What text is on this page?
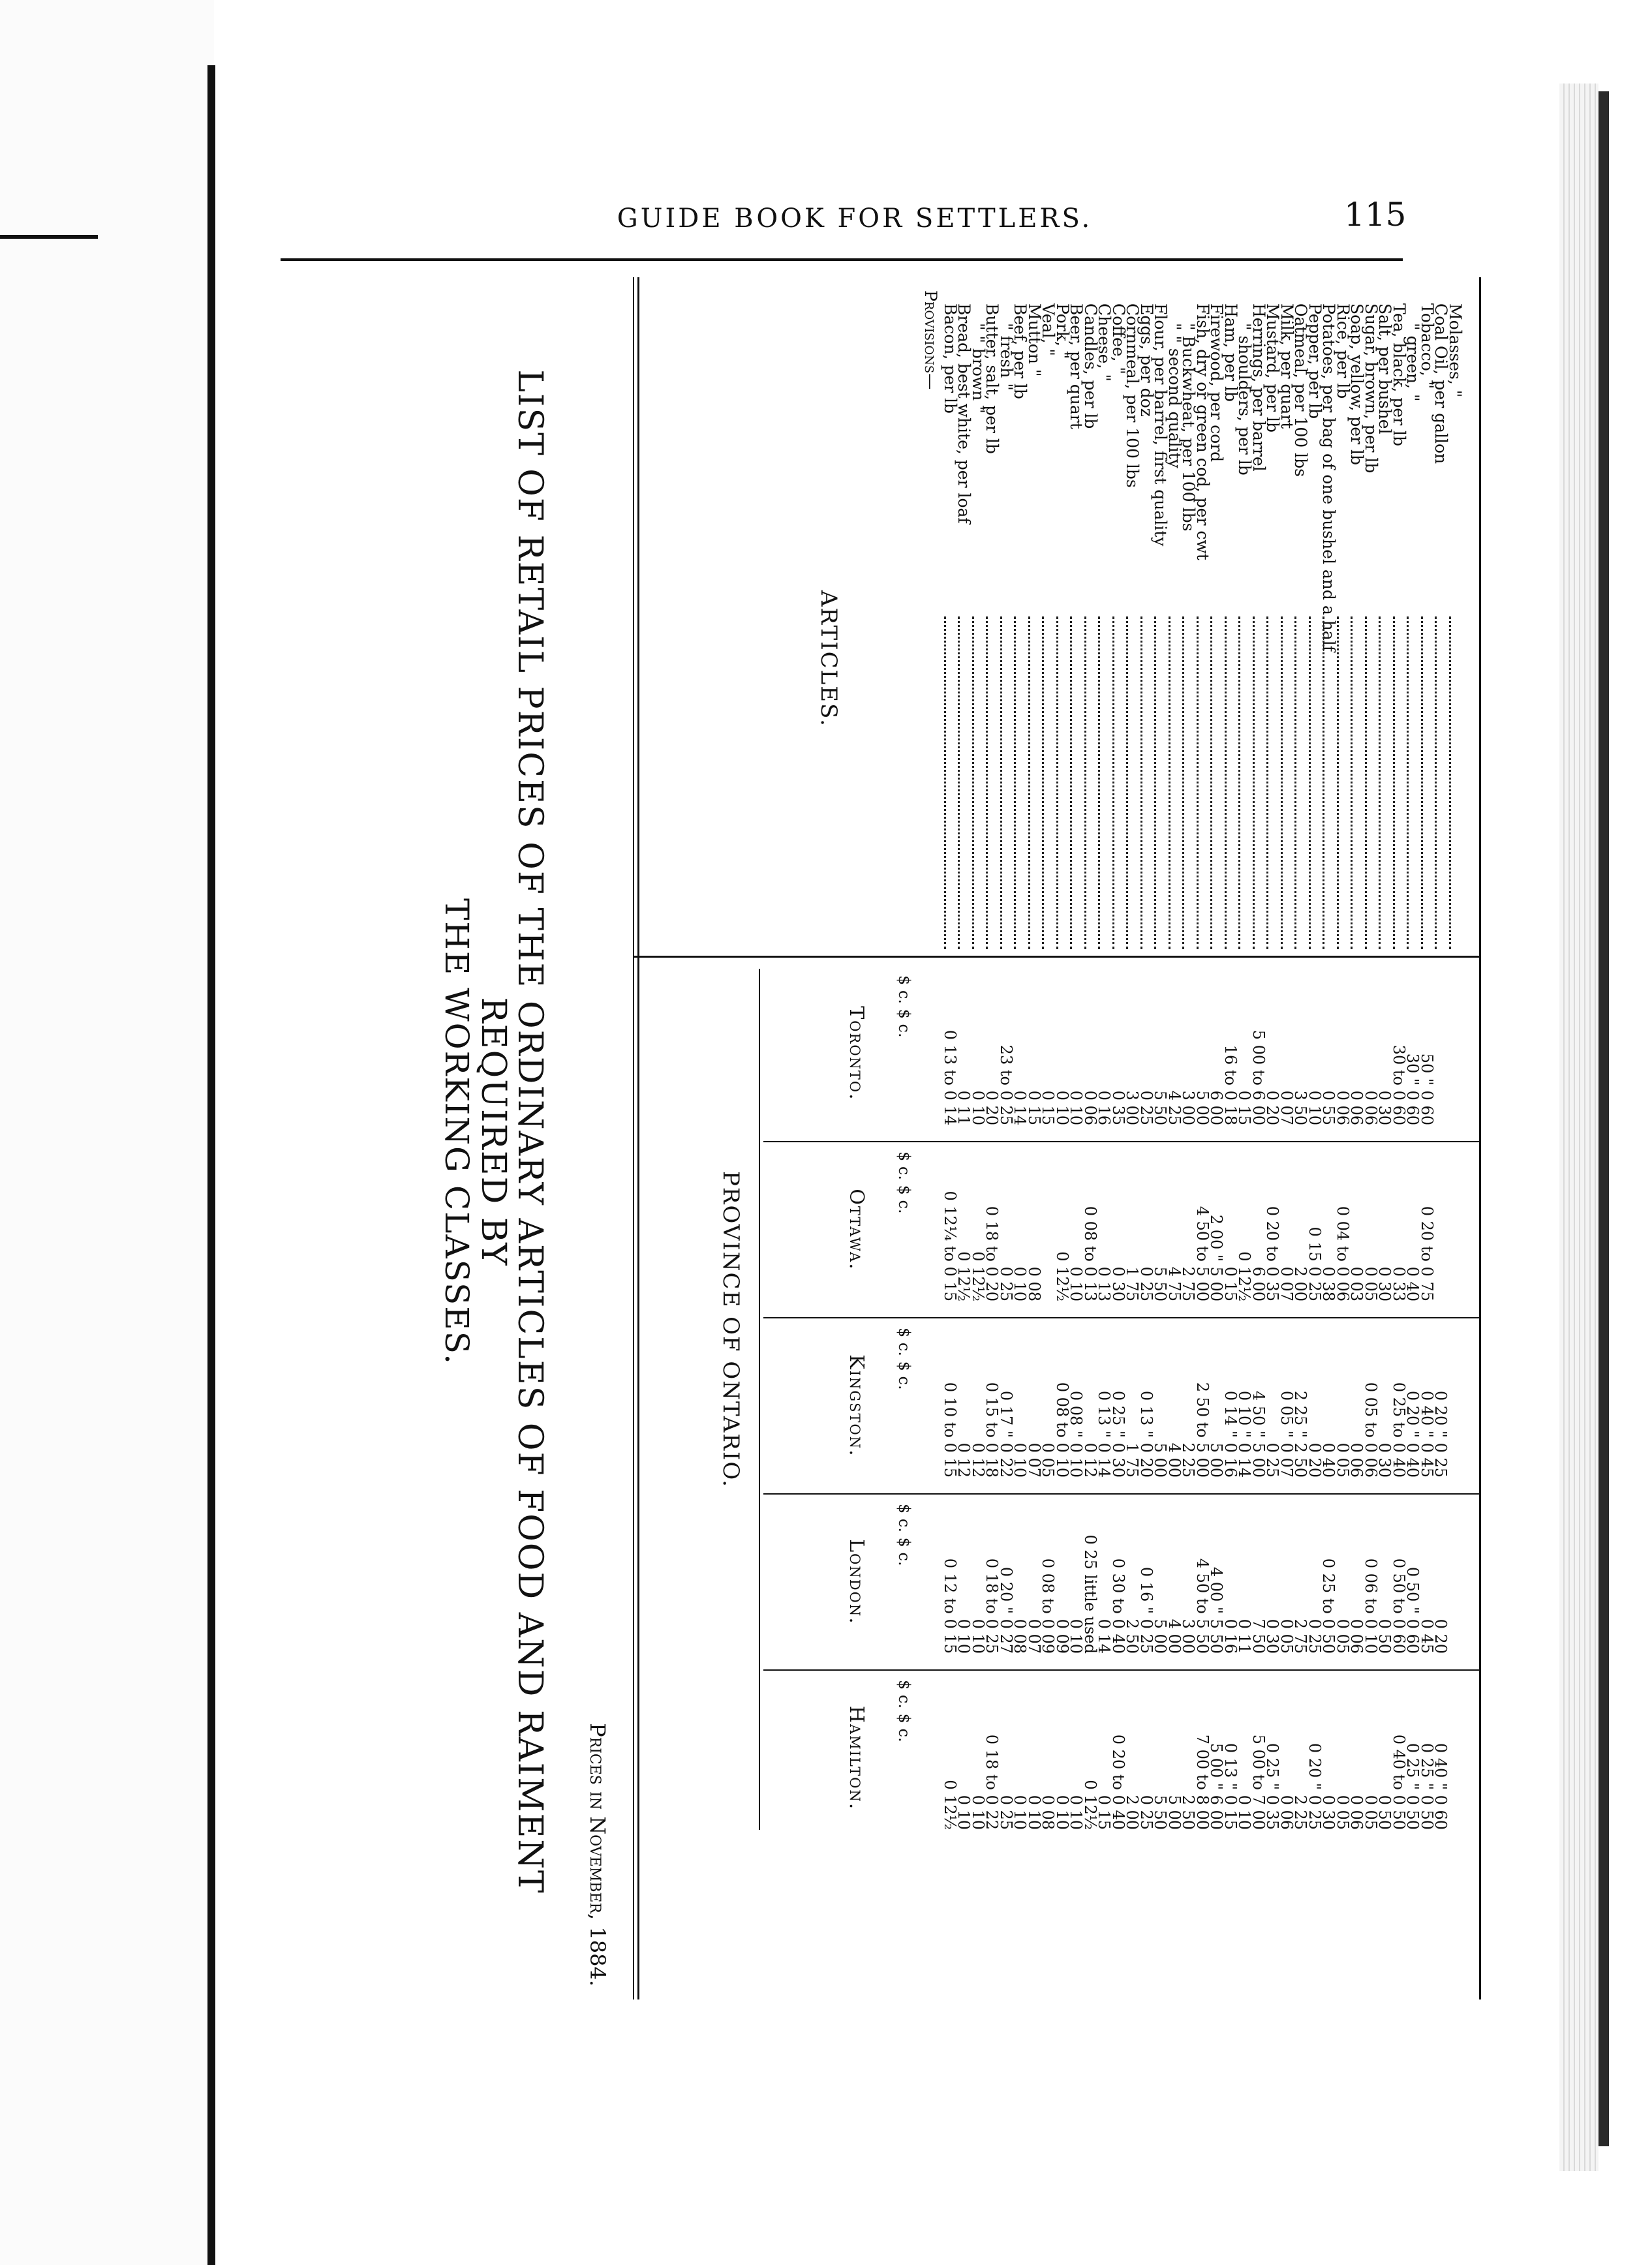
GUIDE BOOK FOR SETTLERS.	115
LIST OF RETAIL PRICES OF THE ORDINARY ARTICLES OF FOOD AND RAIMENT REQUIRED BY
THE WORKING CLASSES.
Prices in November, 1884.
ARTICLES.
PROVINCE OF ONTARIO.
Toronto. $ c. $ c.
Ottawa.
$ c. $ c.
Kingston. $ c. $ c.
London.
$ c. $ c.
Hamilton. $ c. $ c.
Provisions— Bacon, per lb
0 13 to 0 14
0 12¼ to 0 15
0 10 to 0 15
0 12 to 0 15
0 12½
Bread, best white, per loaf
0 11
0 12½
0 12
0 10
0 10
" " brown "
0 10
0 12½
0 12
0 10
0 10
Butter, salt, per lb
0 20
0 18 to 0 20
0 15 to 0 18
0 18 to 0 25
0 18 to 0 22
" fresh "
23 to 0 25
0 25
0 17 " 0 22
0 20 " 0 27
0 25
Beef, per lb
0 14
0 10
0 10
0 08
0 10
Mutton "
0 15
0 08
0 07
0 07
0 10
Veal, "
0 15
0 05
0 08 to 0 09
0 08
Pork, "
0 10
0 12½
0 08 to 0 10
0 09
0 10
Beer, per quart
0 10
0 10
0 08 " 0 10
0 10
0 10
Candles, per lb
0 06
0 08 to 0 13
0 12
0 25 little used
0 12½
Cheese, "
0 16
0 13
0 13 " 0 14
0 14
0 15
Coffee, "
0 35
0 30
0 25 " 0 30
0 30 to 0 40
0 20 to 0 40
Cornmeal, per 100 lbs
3 00
1 75
1 75
2 50
2 00
Eggs, per doz
0 25
0 25
0 13 " 0 20
0 16 " 0 25
0 25
Flour, per barrel, first quality
5 50
5 50
5 00
5 00
5 50
" " second quality
4 25
4 75
4 00
4 00
5 00
" Buckwheat, per 100 lbs
3 00
2 75
2 25
3 00
2 50
Fish, dry or green cod, per cwt
5 00
4 50 to 5 00
2 50 to 5 00
4 50 to 5 50
7 00 to 8 00
Firewood, per cord
6 00
2 00 " 5 00
5 00
4 00 " 5 50
5 00 " 6 00
Ham, per lb
16 to 0 18
0 15
0 14 " 0 16
0 16
0 13 " 0 15
" shoulders, per lb
0 15
0 12½
0 10 " 0 14
0 11
0 10
Herrings, per barrel
5 00 to 6 00
6 00
4 50 " 5 00
7 50
5 00 to 7 00
Mustard, per lb
0 20
0 20 to 0 35
0 25
0 30
0 25 " 0 35
Milk, per quart
0 07
0 07
0 05 " 0 07
0 05
0 06
Oatmeal, per 100 lbs
3 50
2 00
2 25 " 2 50
2 75
2 25
Pepper, per lb
0 10
0 15 0 25
0 20
0 25
0 20 " 0 25
Potatoes, per bag of one bushel and a half
0 55
0 38
0 40
0 25 to 0 50
0 30
Rice, per lb
0 06
0 04 to 0 06
0 05
0 05
0 05
Soap, yellow, per lb
0 06
0 03
0 06
0 06
0 06
Sugar, brown, per lb
0 06
0 05
0 05 to 0 06
0 06 to 0 10
0 05
Salt, per bushel
0 30
0 30
0 30
0 50
0 50
Tea, black, per lb
30 to 0 60
0 33
0 25 to 0 40
0 50 to 0 60
0 40 to 0 50
" green, "
30 " 0 60
0 40
0 20 " 0 40
0 50 " 0 60
0 25 " 0 50
Tobacco, "
50 " 0 60
0 20 to 0 75
0 40 " 0 45
0 45
0 25 " 0 50
Coal Oil, per gallon
0 20 " 0 25
0 20
0 40 " 0 60
Molasses, "
